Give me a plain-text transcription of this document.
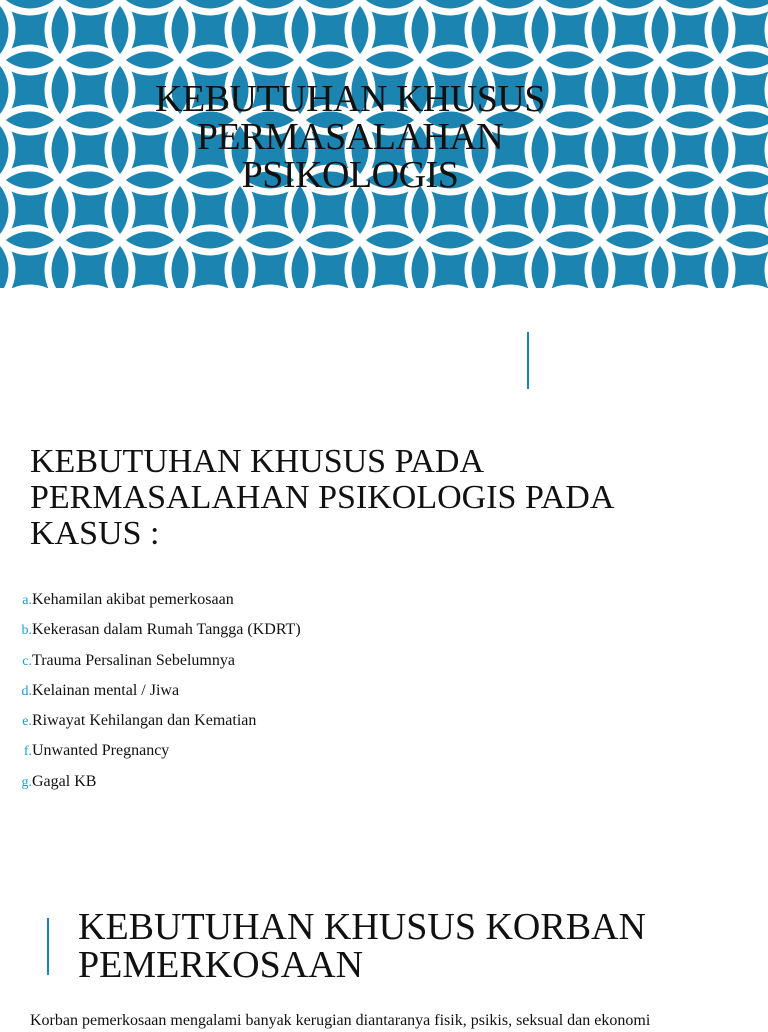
KEBUTUHAN KHUSUS
PERMASALAHAN
PSIKOLOGIS
KEBUTUHAN KHUSUS PADA
PERMASALAHAN PSIKOLOGIS PADA
KASUS :
a.Kehamilan akibat pemerkosaan
b.Kekerasan dalam Rumah Tangga (KDRT)
c.Trauma Persalinan Sebelumnya
d.Kelainan mental / Jiwa
e.Riwayat Kehilangan dan Kematian
f.Unwanted Pregnancy
g.Gagal KB
KEBUTUHAN KHUSUS KORBAN
PEMERKOSAAN
Korban pemerkosaan mengalami banyak kerugian diantaranya fisik, psikis, seksual dan ekonomi
